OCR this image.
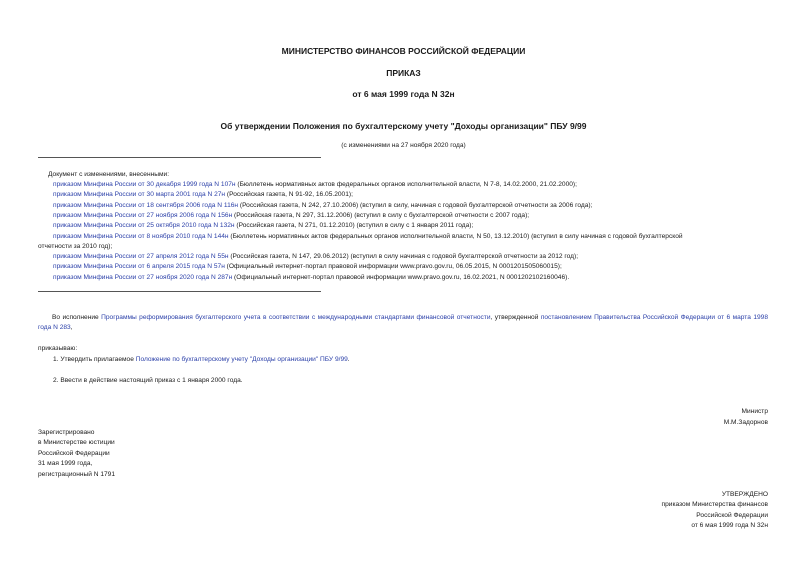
МИНИСТЕРСТВО ФИНАНСОВ РОССИЙСКОЙ ФЕДЕРАЦИИ
ПРИКАЗ
от 6 мая 1999 года N 32н
Об утверждении Положения по бухгалтерскому учету "Доходы организации" ПБУ 9/99
(с изменениями на 27 ноября 2020 года)
Документ с изменениями, внесенными:
приказом Минфина России от 30 декабря 1999 года N 107н (Бюллетень нормативных актов федеральных органов исполнительной власти, N 7-8, 14.02.2000, 21.02.2000);
приказом Минфина России от 30 марта 2001 года N 27н (Российская газета, N 91-92, 16.05.2001);
приказом Минфина России от 18 сентября 2006 года N 116н (Российская газета, N 242, 27.10.2006) (вступил в силу, начиная с годовой бухгалтерской отчетности за 2006 года);
приказом Минфина России от 27 ноября 2006 года N 156н (Российская газета, N 297, 31.12.2006) (вступил в силу с бухгалтерской отчетности с 2007 года);
приказом Минфина России от 25 октября 2010 года N 132н (Российская газета, N 271, 01.12.2010) (вступил в силу с 1 января 2011 года);
приказом Минфина России от 8 ноября 2010 года N 144н (Бюллетень нормативных актов федеральных органов исполнительной власти, N 50, 13.12.2010) (вступил в силу начиная с годовой бухгалтерской
отчетности за 2010 год);
приказом Минфина России от 27 апреля 2012 года N 55н (Российская газета, N 147, 29.06.2012) (вступил в силу начиная с годовой бухгалтерской отчетности за 2012 год);
приказом Минфина России от 6 апреля 2015 года N 57н (Официальный интернет-портал правовой информации www.pravo.gov.ru, 06.05.2015, N 0001201505060015);
приказом Минфина России от 27 ноября 2020 года N 287н (Официальный интернет-портал правовой информации www.pravo.gov.ru, 16.02.2021, N 0001202102160046).
Во исполнение Программы реформирования бухгалтерского учета в соответствии с международными стандартами финансовой отчетности, утвержденной постановлением Правительства Российской Федерации от 6 марта 1998 года N 283,
приказываю:
1. Утвердить прилагаемое Положение по бухгалтерскому учету "Доходы организации" ПБУ 9/99.
2. Ввести в действие настоящий приказ с 1 января 2000 года.
Министр
М.М.Задорнов
Зарегистрировано
в Министерстве юстиции
Российской Федерации
31 мая 1999 года,
регистрационный N 1791
УТВЕРЖДЕНО
приказом Министерства финансов
Российской Федерации
от 6 мая 1999 года N 32н
